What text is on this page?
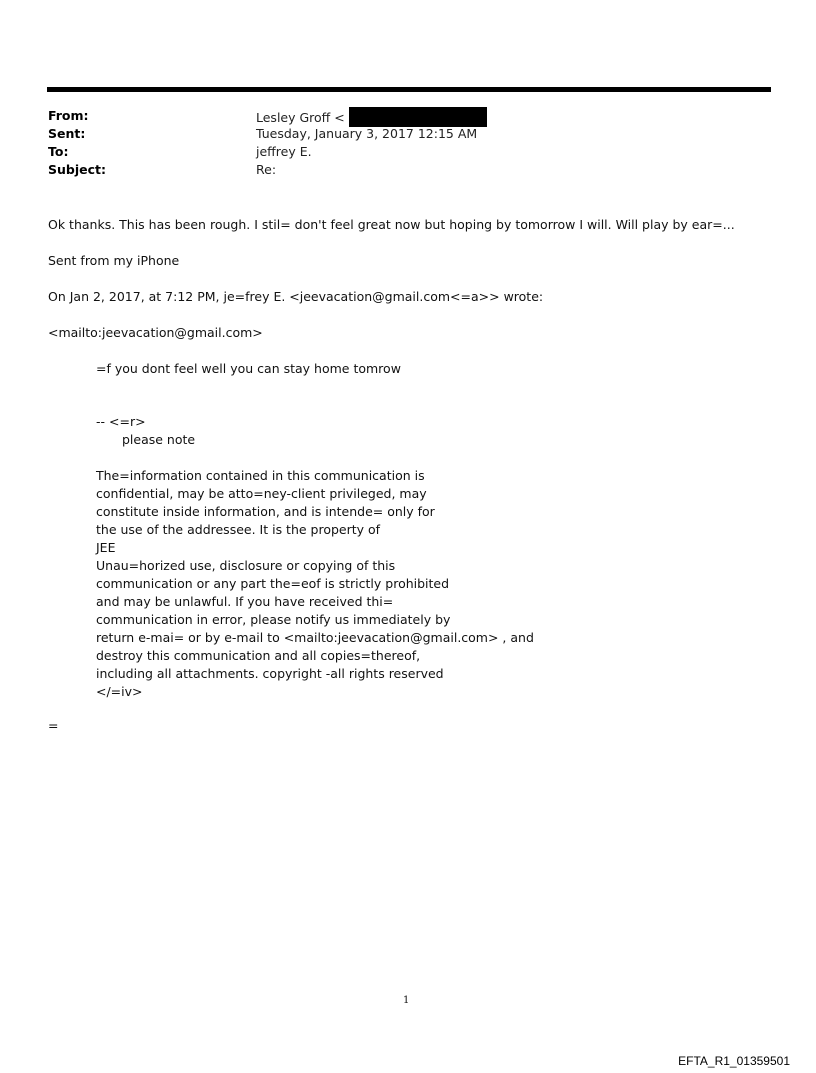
From:	Lesley Groff <
Sent:	Tuesday, January 3, 2017 12:15 AM
To:	jeffrey E.
Subject:	Re:
Ok thanks. This has been rough. I stil= don't feel great now but hoping by tomorrow I will. Will play by ear=...
Sent from my iPhone
On Jan 2, 2017, at 7:12 PM, je=frey E. <jeevacation@gmail.com<=a>> wrote:
<mailto:jeevacation@gmail.com>
=f you dont feel well you can stay home tomrow
-- <=r>
please note
The=information contained in this communication is
confidential, may be atto=ney-client privileged, may
constitute inside information, and is intende= only for
the use of the addressee. It is the property of
JEE
Unau=horized use, disclosure or copying of this
communication or any part the=eof is strictly prohibited
and may be unlawful. If you have received thi=
communication in error, please notify us immediately by
return e-mai= or by e-mail to <mailto:jeevacation@gmail.com> , and
destroy this communication and all copies=thereof,
including all attachments. copyright -all rights reserved
</=iv>
=
1
EFTA_R1_01359501
